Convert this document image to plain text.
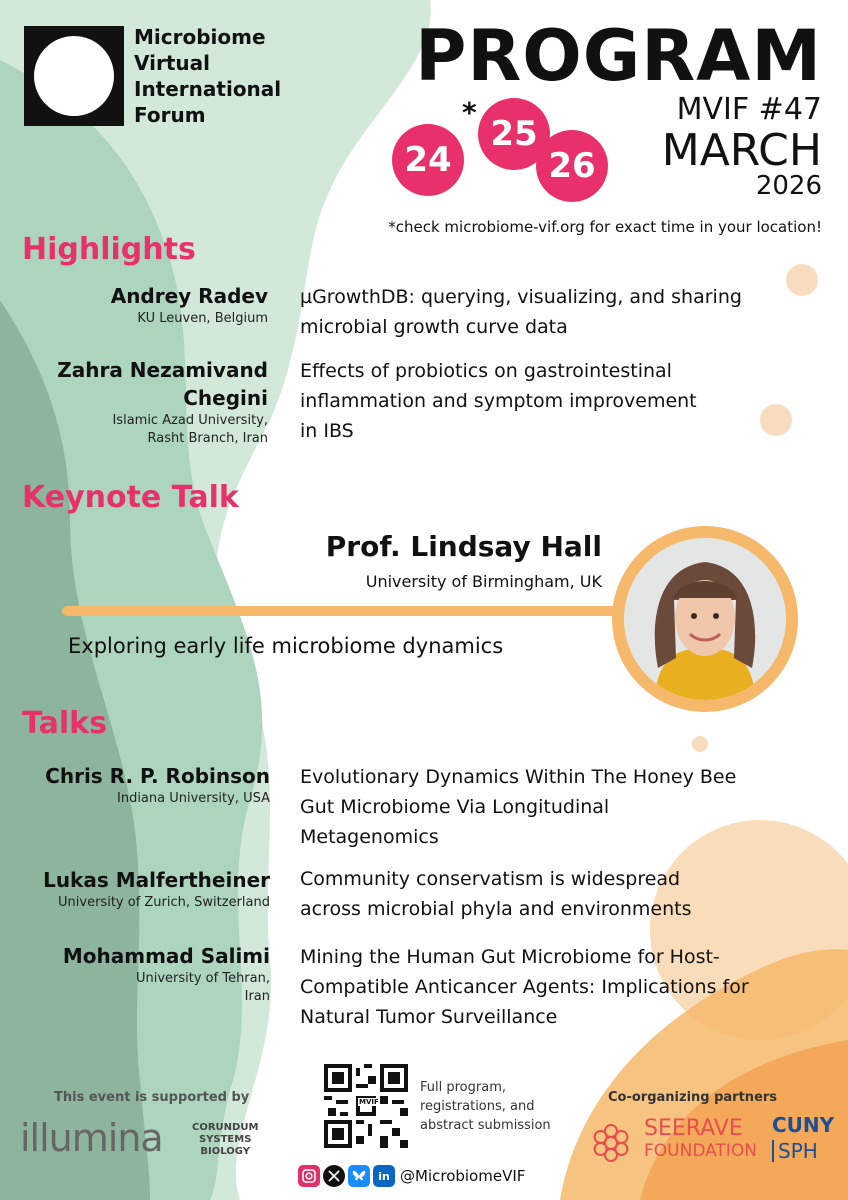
Microbiome
Virtual
International
Forum
PROGRAM
24
*
25
26
MVIF #47
MARCH
2026
*check microbiome-vif.org for exact time in your location!
Highlights
Andrey Radev
KU Leuven, Belgium
µGrowthDB: querying, visualizing, and sharing
microbial growth curve data
Zahra Nezamivand
Chegini
Islamic Azad University,
Rasht Branch, Iran
Effects of probiotics on gastrointestinal
inflammation and symptom improvement
in IBS
Keynote Talk
Prof. Lindsay Hall
University of Birmingham, UK
Exploring early life microbiome dynamics
Talks
Chris R. P. Robinson
Indiana University, USA
Evolutionary Dynamics Within The Honey Bee
Gut Microbiome Via Longitudinal
Metagenomics
Lukas Malfertheiner
University of Zurich, Switzerland
Community conservatism is widespread
across microbial phyla and environments
Mohammad Salimi
University of Tehran,
Iran
Mining the Human Gut Microbiome for Host-
Compatible Anticancer Agents: Implications for
Natural Tumor Surveillance
This event is supported by
illumina	CORUNDUM
SYSTEMS
BIOLOGY
MVIF
Full program,
registrations, and
abstract submission
in @MicrobiomeVIF
Co-organizing partners
SEERAVE
FOUNDATION
CUNY
SPH
